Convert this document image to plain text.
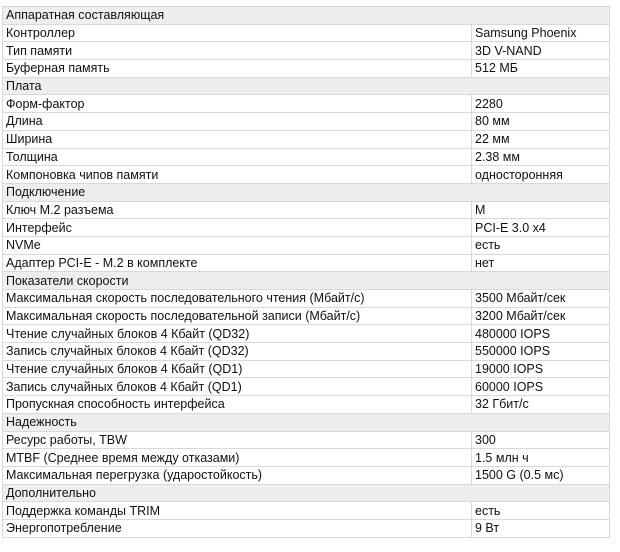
Аппаратная составляющая	
Контроллер	Samsung Phoenix
Тип памяти	3D V-NAND
Буферная память	512 МБ
Плата	
Форм-фактор	2280
Длина	80 мм
Ширина	22 мм
Толщина	2.38 мм
Компоновка чипов памяти	односторонняя
Подключение	
Ключ M.2 разъема	M
Интерфейс	PCI-E 3.0 x4
NVMe	есть
Адаптер PCI-E - M.2 в комплекте	нет
Показатели скорости	
Максимальная скорость последовательного чтения (Мбайт/с)	3500 Мбайт/сек
Максимальная скорость последовательной записи (Мбайт/с)	3200 Мбайт/сек
Чтение случайных блоков 4 Кбайт (QD32)	480000 IOPS
Запись случайных блоков 4 Кбайт (QD32)	550000 IOPS
Чтение случайных блоков 4 Кбайт (QD1)	19000 IOPS
Запись случайных блоков 4 Кбайт (QD1)	60000 IOPS
Пропускная способность интерфейса	32 Гбит/с
Надежность	
Ресурс работы, TBW	300
MTBF (Среднее время между отказами)	1.5 млн ч
Максимальная перегрузка (ударостойкость)	1500 G (0.5 мс)
Дополнительно	
Поддержка команды TRIM	есть
Энергопотребление	9 Вт
